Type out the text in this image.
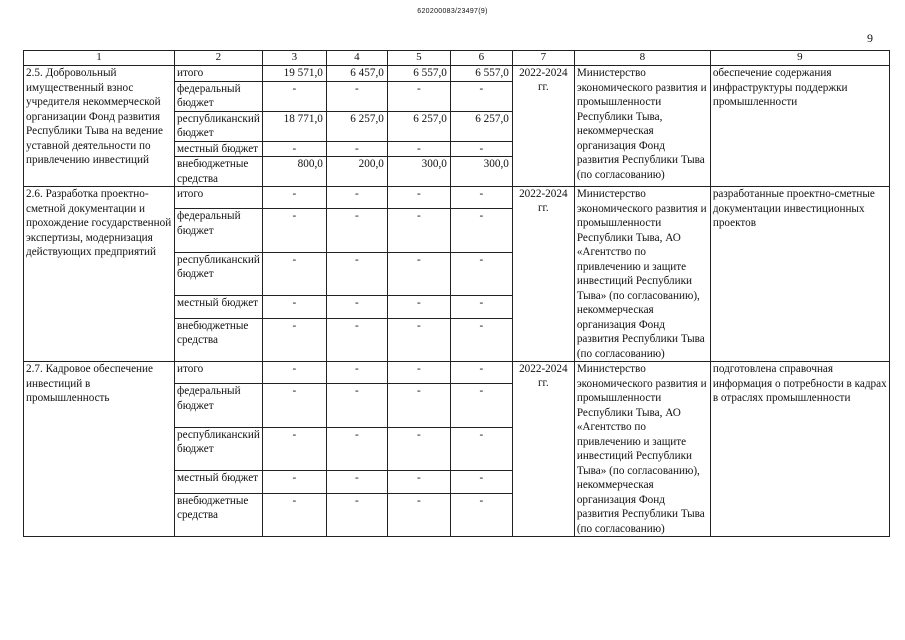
620200083/23497(9)
9
1	2	3	4	5	6	7	8	9
2.5. Добровольный имущественный взнос учредителя некоммерческой организации Фонд развития Республики Тыва на ведение уставной деятельности по привлечению инвестиций	итого	19 571,0	6 457,0	6 557,0	6 557,0	2022-2024 гг.	Министерство экономического развития и промышленности Республики Тыва, некоммерческая организация Фонд развития Республики Тыва (по согласованию)	обеспечение содержания инфраструктуры поддержки промышленности
	федеральный бюджет	-	-	-	-			
	республиканский бюджет	18 771,0	6 257,0	6 257,0	6 257,0			
	местный бюджет	-	-	-	-			
	внебюджетные средства	800,0	200,0	300,0	300,0			
2.6. Разработка проектно-сметной документации и прохождение государственной экспертизы, модернизация действующих предприятий	итого	-	-	-	-	2022-2024 гг.	Министерство экономического развития и промышленности Республики Тыва, АО «Агентство по привлечению и защите инвестиций Республики Тыва» (по согласованию), некоммерческая организация Фонд развития Республики Тыва (по согласованию)	разработанные проектно-сметные документации инвестиционных проектов
	федеральный бюджет	-	-	-	-			
	республиканский бюджет	-	-	-	-			
	местный бюджет	-	-	-	-			
	внебюджетные средства	-	-	-	-			
2.7. Кадровое обеспечение инвестиций в промышленность	итого	-	-	-	-	2022-2024 гг.	Министерство экономического развития и промышленности Республики Тыва, АО «Агентство по привлечению и защите инвестиций Республики Тыва» (по согласованию), некоммерческая организация Фонд развития Республики Тыва (по согласованию)	подготовлена справочная информация о потребности в кадрах в отраслях промышленности
	федеральный бюджет	-	-	-	-			
	республиканский бюджет	-	-	-	-			
	местный бюджет	-	-	-	-			
	внебюджетные средства	-	-	-	-			
